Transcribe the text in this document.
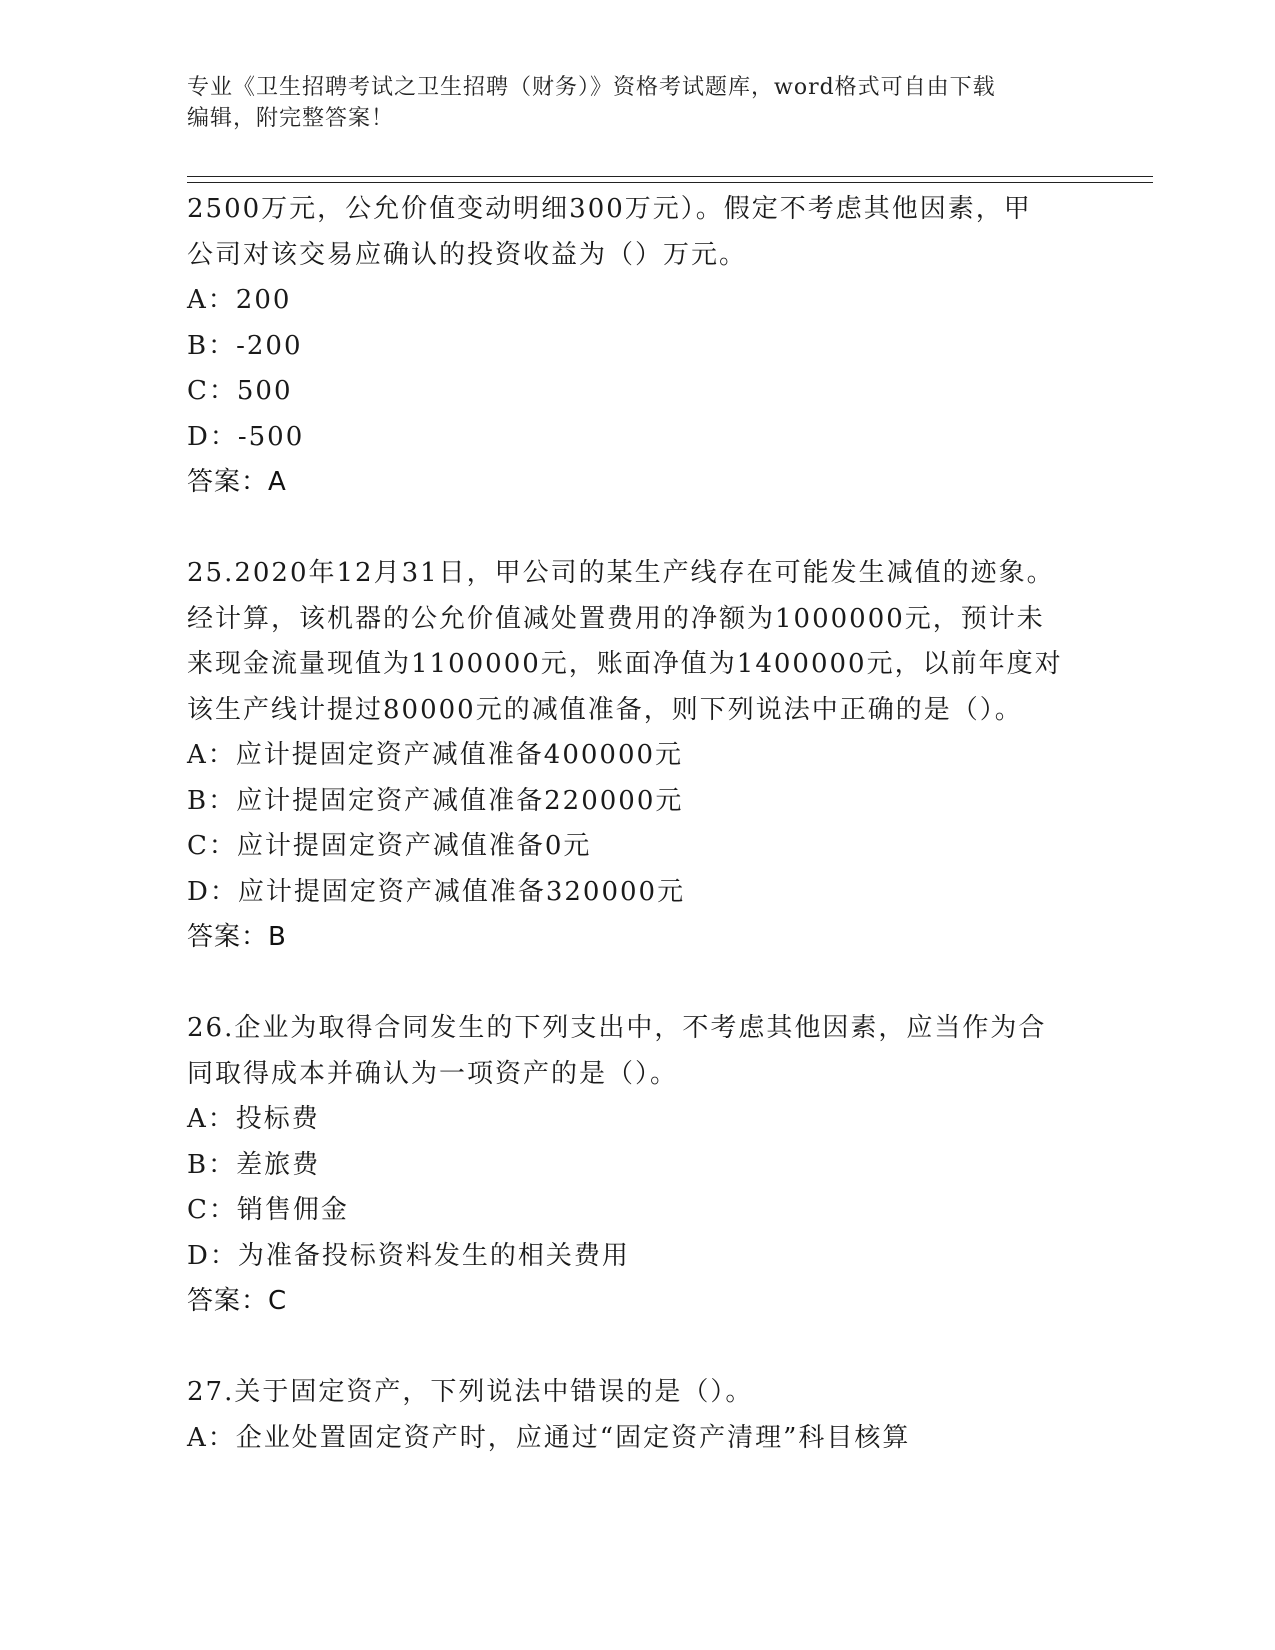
专业《卫生招聘考试之卫生招聘（财务）》资格考试题库，word格式可自由下载
编辑，附完整答案！
2500万元，公允价值变动明细300万元）。假定不考虑其他因素，甲
公司对该交易应确认的投资收益为（）万元。
A：200
B：-200
C：500
D：-500
答案：A
25.2020年12月31日，甲公司的某生产线存在可能发生减值的迹象。
经计算，该机器的公允价值减处置费用的净额为1000000元，预计未
来现金流量现值为1100000元，账面净值为1400000元，以前年度对
该生产线计提过80000元的减值准备，则下列说法中正确的是（）。
A：应计提固定资产减值准备400000元
B：应计提固定资产减值准备220000元
C：应计提固定资产减值准备0元
D：应计提固定资产减值准备320000元
答案：B
26.企业为取得合同发生的下列支出中，不考虑其他因素，应当作为合
同取得成本并确认为一项资产的是（）。
A：投标费
B：差旅费
C：销售佣金
D：为准备投标资料发生的相关费用
答案：C
27.关于固定资产，下列说法中错误的是（）。
A：企业处置固定资产时，应通过“固定资产清理”科目核算
